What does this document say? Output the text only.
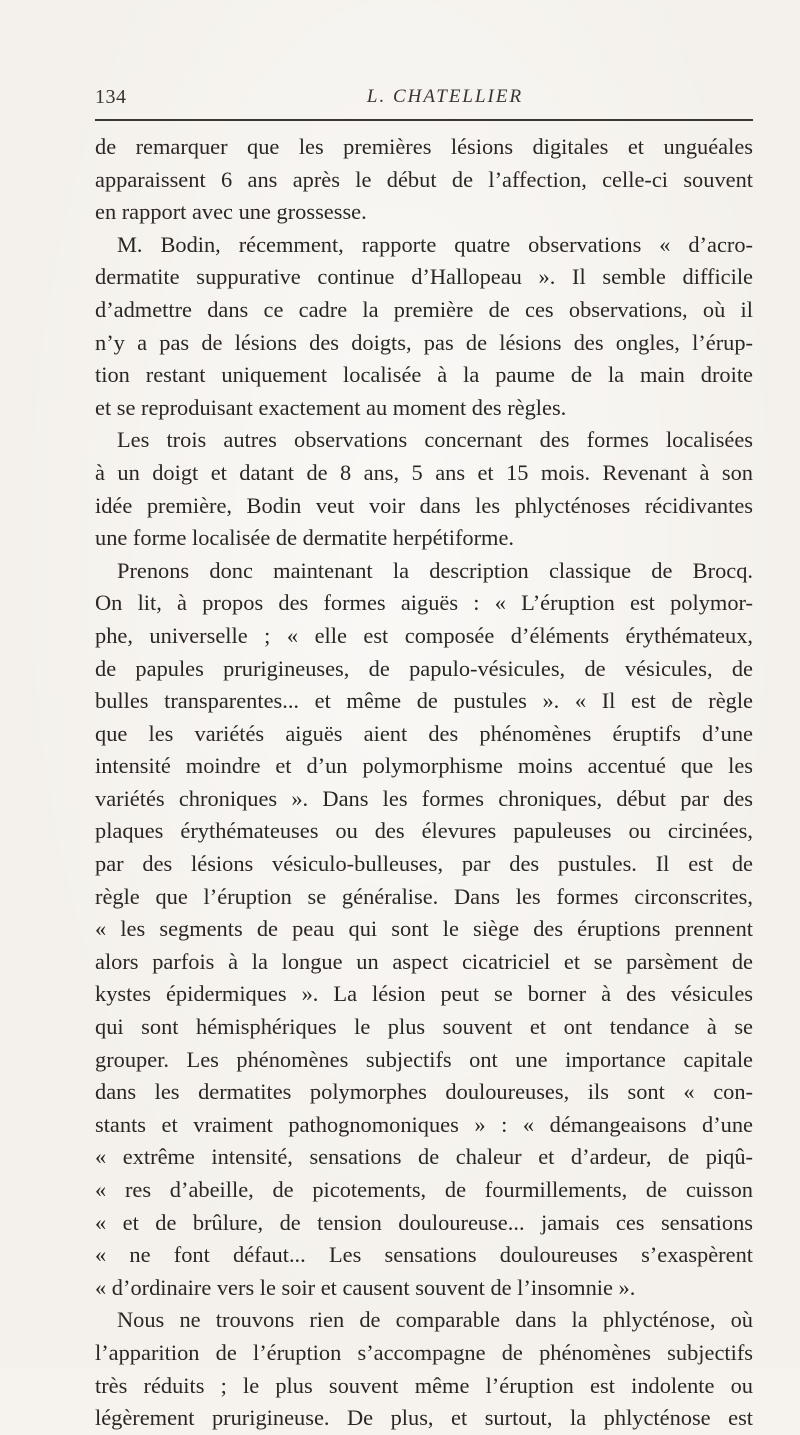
134	L. CHATELLIER
de remarquer que les premières lésions digitales et unguéales
apparaissent 6 ans après le début de l’affection, celle-ci souvent
en rapport avec une grossesse.
M. Bodin, récemment, rapporte quatre observations « d’acro-
dermatite suppurative continue d’Hallopeau ». Il semble difficile
d’admettre dans ce cadre la première de ces observations, où il
n’y a pas de lésions des doigts, pas de lésions des ongles, l’érup-
tion restant uniquement localisée à la paume de la main droite
et se reproduisant exactement au moment des règles.
Les trois autres observations concernant des formes localisées
à un doigt et datant de 8 ans, 5 ans et 15 mois. Revenant à son
idée première, Bodin veut voir dans les phlycténoses récidivantes
une forme localisée de dermatite herpétiforme.
Prenons donc maintenant la description classique de Brocq.
On lit, à propos des formes aiguës : « L’éruption est polymor-
phe, universelle ; « elle est composée d’éléments érythémateux,
de papules prurigineuses, de papulo-vésicules, de vésicules, de
bulles transparentes... et même de pustules ». « Il est de règle
que les variétés aiguës aient des phénomènes éruptifs d’une
intensité moindre et d’un polymorphisme moins accentué que les
variétés chroniques ». Dans les formes chroniques, début par des
plaques érythémateuses ou des élevures papuleuses ou circinées,
par des lésions vésiculo-bulleuses, par des pustules. Il est de
règle que l’éruption se généralise. Dans les formes circonscrites,
« les segments de peau qui sont le siège des éruptions prennent
alors parfois à la longue un aspect cicatriciel et se parsèment de
kystes épidermiques ». La lésion peut se borner à des vésicules
qui sont hémisphériques le plus souvent et ont tendance à se
grouper. Les phénomènes subjectifs ont une importance capitale
dans les dermatites polymorphes douloureuses, ils sont « con-
stants et vraiment pathognomoniques » : « démangeaisons d’une
« extrême intensité, sensations de chaleur et d’ardeur, de piqû-
« res d’abeille, de picotements, de fourmillements, de cuisson
« et de brûlure, de tension douloureuse... jamais ces sensations
« ne font défaut... Les sensations douloureuses s’exaspèrent
« d’ordinaire vers le soir et causent souvent de l’insomnie ».
Nous ne trouvons rien de comparable dans la phlycténose, où
l’apparition de l’éruption s’accompagne de phénomènes subjectifs
très réduits ; le plus souvent même l’éruption est indolente ou
légèrement prurigineuse. De plus, et surtout, la phlycténose est
